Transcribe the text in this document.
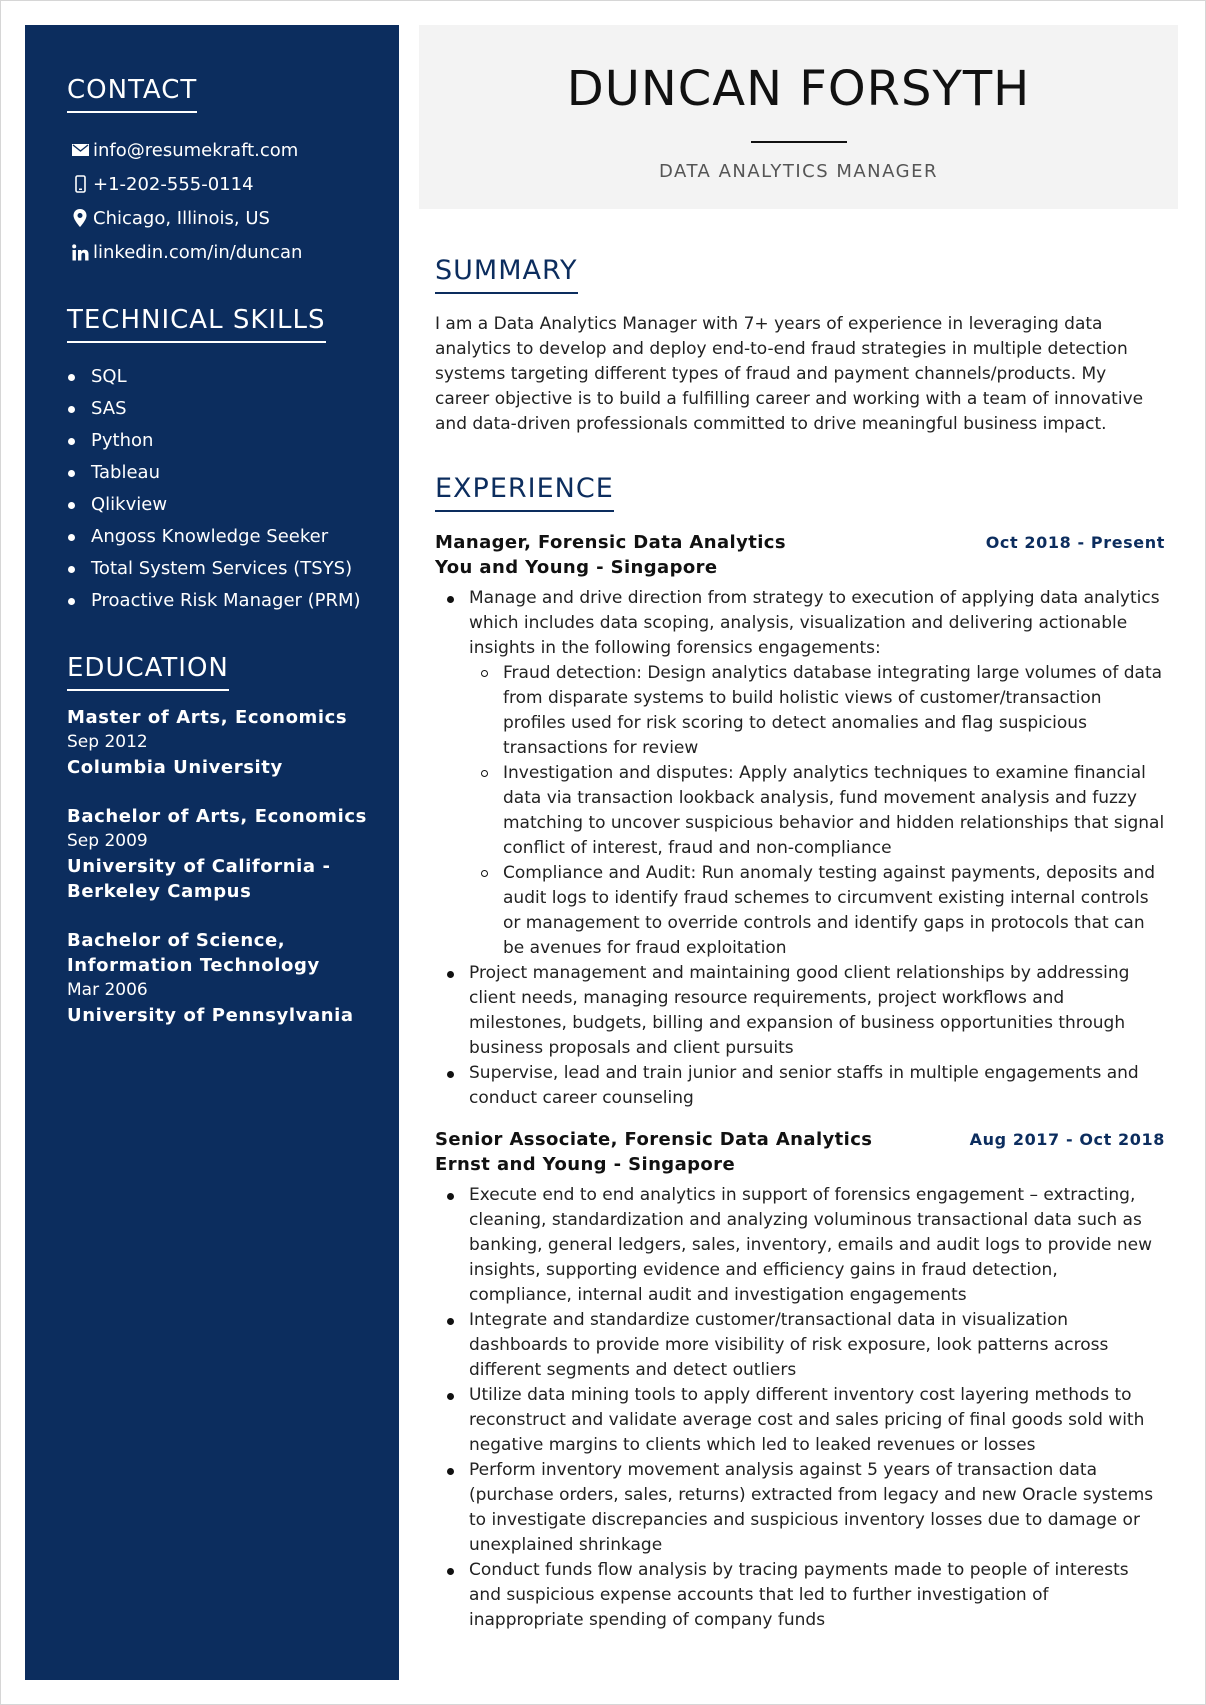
CONTACT
info@resumekraft.com
+1-202-555-0114
Chicago, Illinois, US
linkedin.com/in/duncan
TECHNICAL SKILLS
SQL
SAS
Python
Tableau
Qlikview
Angoss Knowledge Seeker
Total System Services (TSYS)
Proactive Risk Manager (PRM)
EDUCATION
Master of Arts, Economics
Sep 2012
Columbia University
Bachelor of Arts, Economics
Sep 2009
University of California - Berkeley Campus
Bachelor of Science, Information Technology
Mar 2006
University of Pennsylvania
DUNCAN FORSYTH
DATA ANALYTICS MANAGER
SUMMARY

I am a Data Analytics Manager with 7+ years of experience in leveraging data analytics to develop and deploy end-to-end fraud strategies in multiple detection systems targeting different types of fraud and payment channels/products. My career objective is to build a fulfilling career and working with a team of innovative and data-driven professionals committed to drive meaningful business impact.

EXPERIENCE
Manager, Forensic Data Analytics	Oct 2018 - Present
You and Young - Singapore
Manage and drive direction from strategy to execution of applying data analytics which includes data scoping, analysis, visualization and delivering actionable insights in the following forensics engagements:
Fraud detection: Design analytics database integrating large volumes of data from disparate systems to build holistic views of customer/transaction profiles used for risk scoring to detect anomalies and flag suspicious transactions for review
Investigation and disputes: Apply analytics techniques to examine financial data via transaction lookback analysis, fund movement analysis and fuzzy matching to uncover suspicious behavior and hidden relationships that signal conflict of interest, fraud and non-compliance
Compliance and Audit: Run anomaly testing against payments, deposits and audit logs to identify fraud schemes to circumvent existing internal controls or management to override controls and identify gaps in protocols that can be avenues for fraud exploitation
Project management and maintaining good client relationships by addressing client needs, managing resource requirements, project workflows and milestones, budgets, billing and expansion of business opportunities through business proposals and client pursuits
Supervise, lead and train junior and senior staffs in multiple engagements and conduct career counseling
Senior Associate, Forensic Data Analytics	Aug 2017 - Oct 2018
Ernst and Young - Singapore
Execute end to end analytics in support of forensics engagement – extracting, cleaning, standardization and analyzing voluminous transactional data such as banking, general ledgers, sales, inventory, emails and audit logs to provide new insights, supporting evidence and efficiency gains in fraud detection, compliance, internal audit and investigation engagements
Integrate and standardize customer/transactional data in visualization dashboards to provide more visibility of risk exposure, look patterns across different segments and detect outliers
Utilize data mining tools to apply different inventory cost layering methods to reconstruct and validate average cost and sales pricing of final goods sold with negative margins to clients which led to leaked revenues or losses
Perform inventory movement analysis against 5 years of transaction data (purchase orders, sales, returns) extracted from legacy and new Oracle systems to investigate discrepancies and suspicious inventory losses due to damage or unexplained shrinkage
Conduct funds flow analysis by tracing payments made to people of interests and suspicious expense accounts that led to further investigation of inappropriate spending of company funds
